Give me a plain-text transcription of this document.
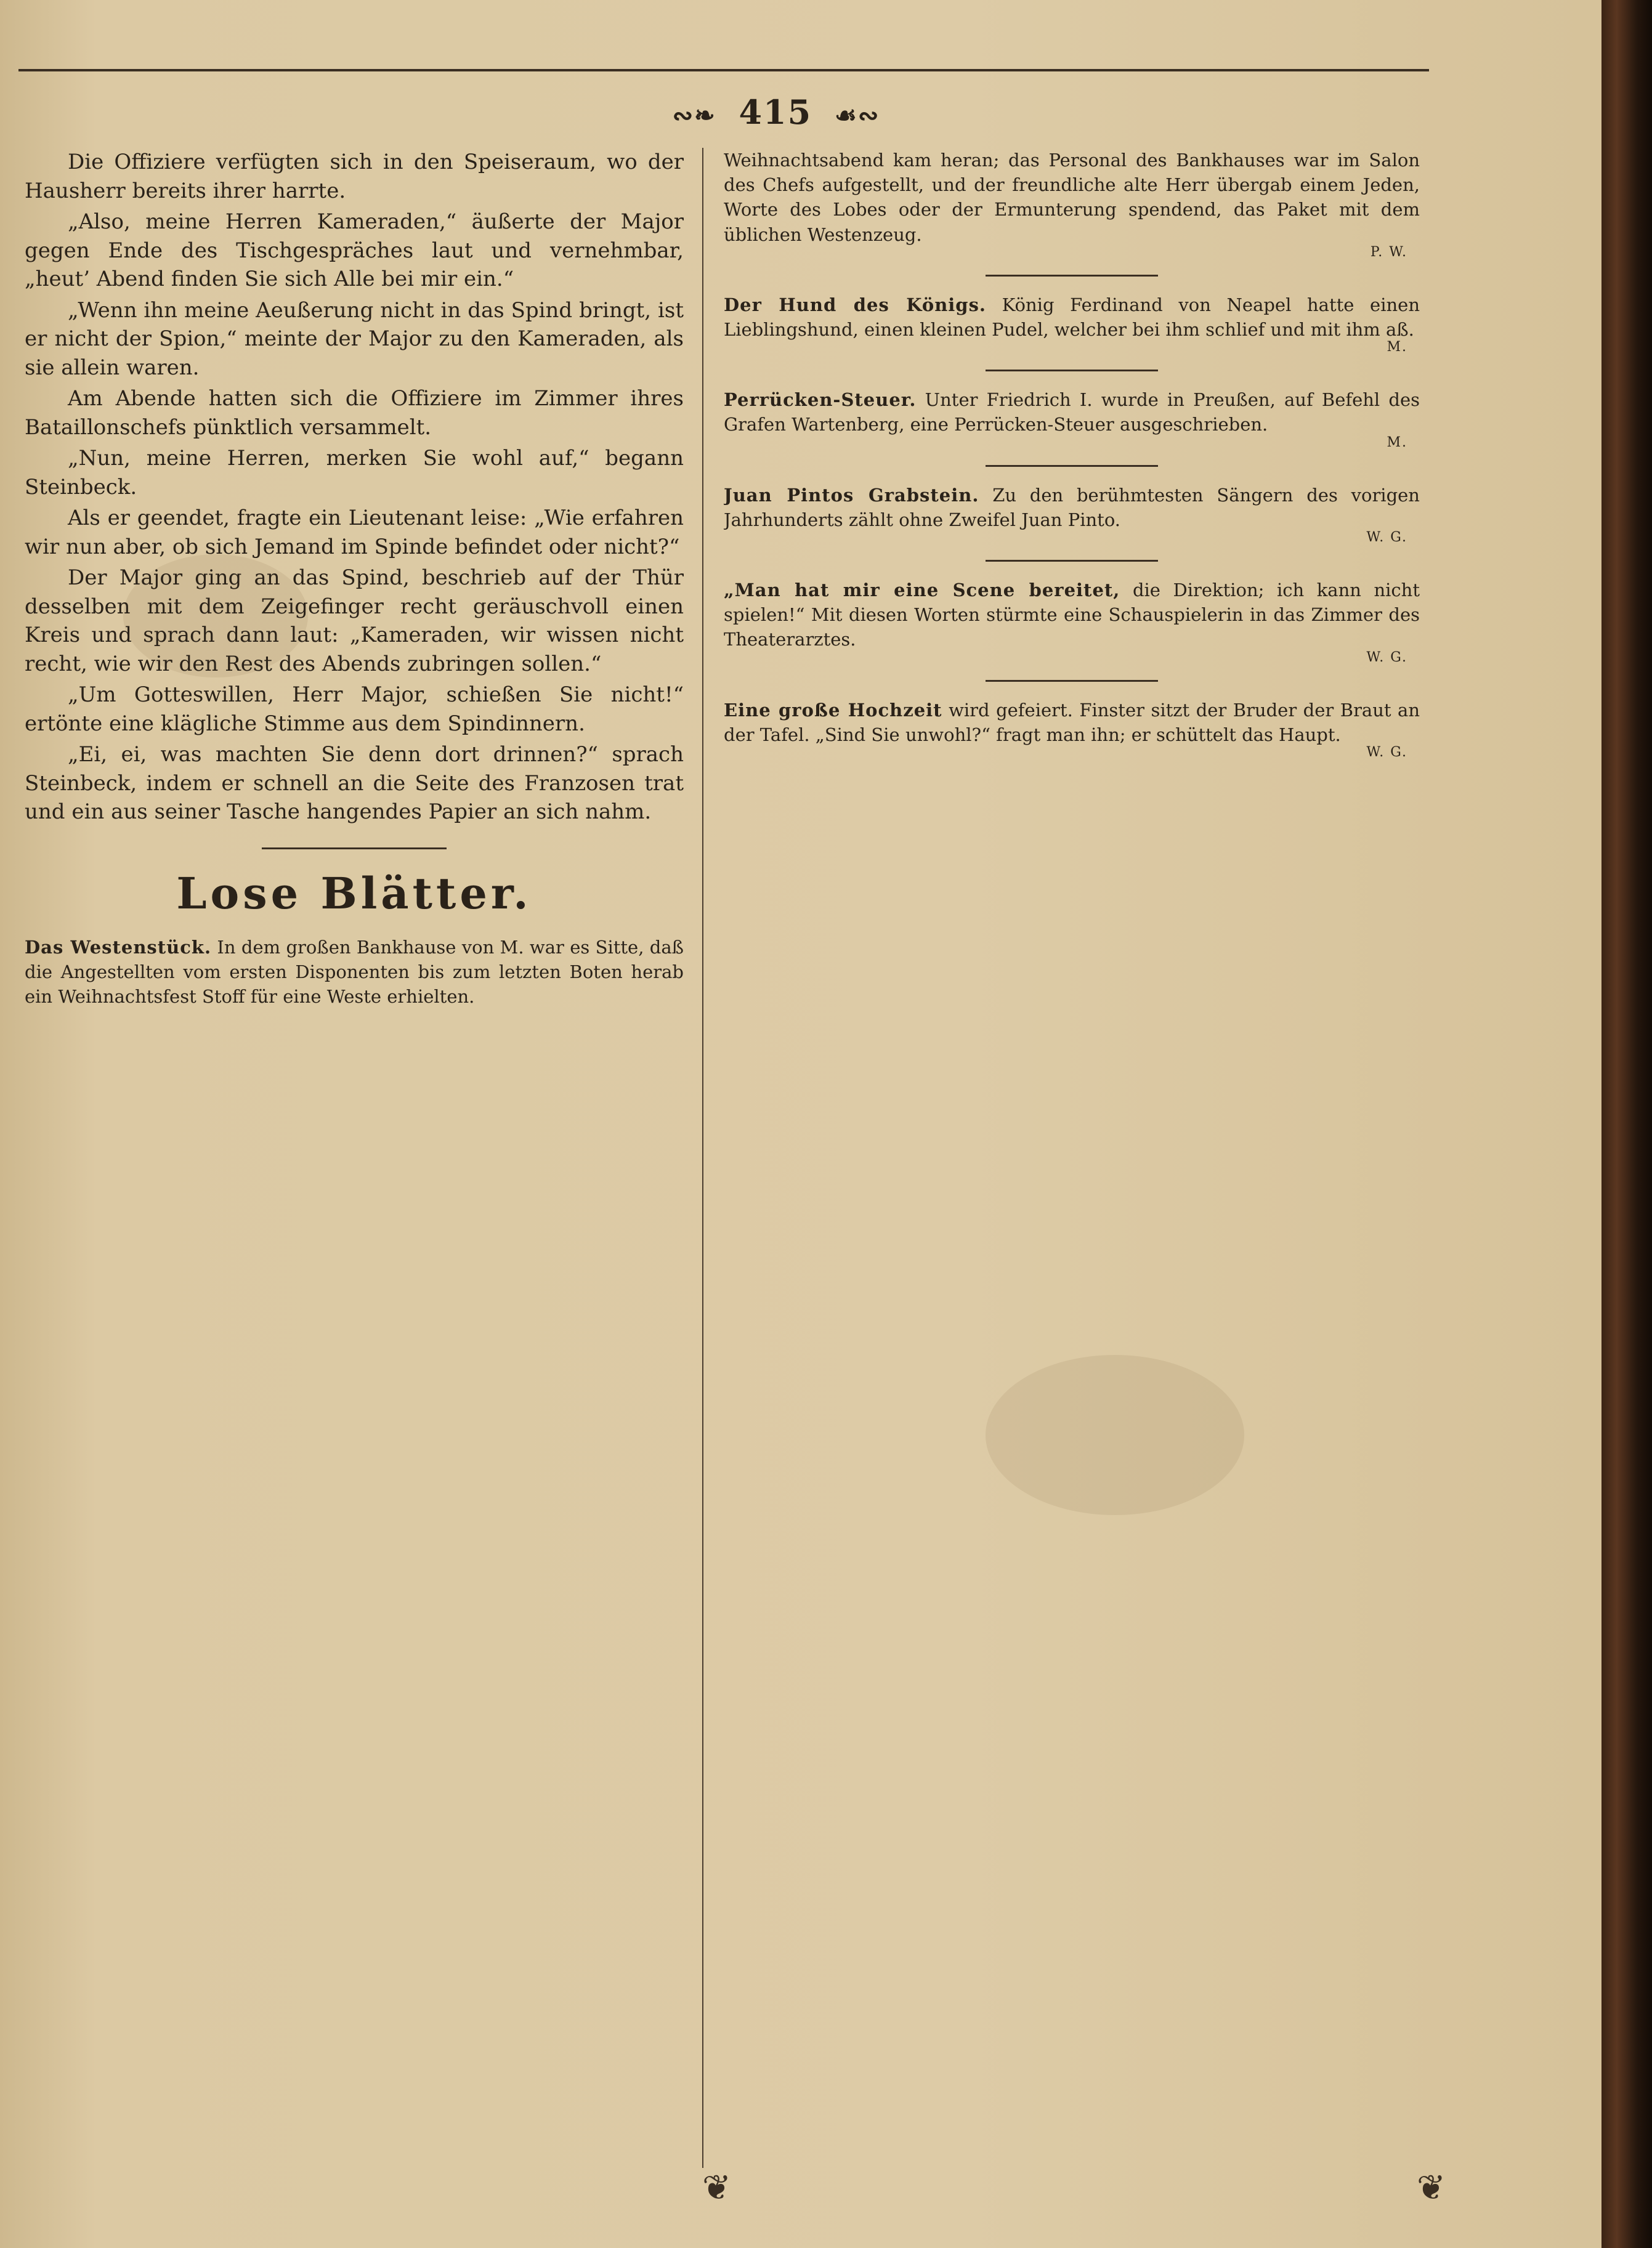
∾❧ 415 ☙∾

Die Offiziere verfügten sich in den Speiseraum, wo der Hausherr bereits ihrer harrte.

„Also, meine Herren Kameraden,“ äußerte der Major gegen Ende des Tischgespräches laut und vernehmbar, „heut’ Abend finden Sie sich Alle bei mir ein.“

„Wenn ihn meine Aeußerung nicht in das Spind bringt, ist er nicht der Spion,“ meinte der Major zu den Kameraden, als sie allein waren.

Am Abende hatten sich die Offiziere im Zimmer ihres Bataillonschefs pünktlich versammelt.

„Nun, meine Herren, merken Sie wohl auf,“ begann Steinbeck.

Als er geendet, fragte ein Lieutenant leise: „Wie erfahren wir nun aber, ob sich Jemand im Spinde befindet oder nicht?“

Der Major ging an das Spind, beschrieb auf der Thür desselben mit dem Zeigefinger recht geräuschvoll einen Kreis und sprach dann laut: „Kameraden, wir wissen nicht recht, wie wir den Rest des Abends zubringen sollen.“

„Um Gotteswillen, Herr Major, schießen Sie nicht!“ ertönte eine klägliche Stimme aus dem Spindinnern.

„Ei, ei, was machten Sie denn dort drinnen?“ sprach Steinbeck, indem er schnell an die Seite des Franzosen trat und ein aus seiner Tasche hangendes Papier an sich nahm.

Lose Blätter.

Das Westenstück. In dem großen Bankhause von M. war es Sitte, daß die Angestellten vom ersten Disponenten bis zum letzten Boten herab ein Weihnachtsfest Stoff für eine Weste erhielten.

Weihnachtsabend kam heran; das Personal des Bankhauses war im Salon des Chefs aufgestellt, und der freundliche alte Herr übergab einem Jeden, Worte des Lobes oder der Ermunterung spendend, das Paket mit dem üblichen Westenzeug.

P. W.

Der Hund des Königs. König Ferdinand von Neapel hatte einen Lieblingshund, einen kleinen Pudel, welcher bei ihm schlief und mit ihm aß.

M.

Perrücken-Steuer. Unter Friedrich I. wurde in Preußen, auf Befehl des Grafen Wartenberg, eine Perrücken-Steuer ausgeschrieben.

M.

Juan Pintos Grabstein. Zu den berühmtesten Sängern des vorigen Jahrhunderts zählt ohne Zweifel Juan Pinto.

W. G.

„Man hat mir eine Scene bereitet, die Direktion; ich kann nicht spielen!“ Mit diesen Worten stürmte eine Schauspielerin in das Zimmer des Theaterarztes.

W. G.

Eine große Hochzeit wird gefeiert. Finster sitzt der Bruder der Braut an der Tafel. „Sind Sie unwohl?“ fragt man ihn; er schüttelt das Haupt.

W. G.
❦	❦
